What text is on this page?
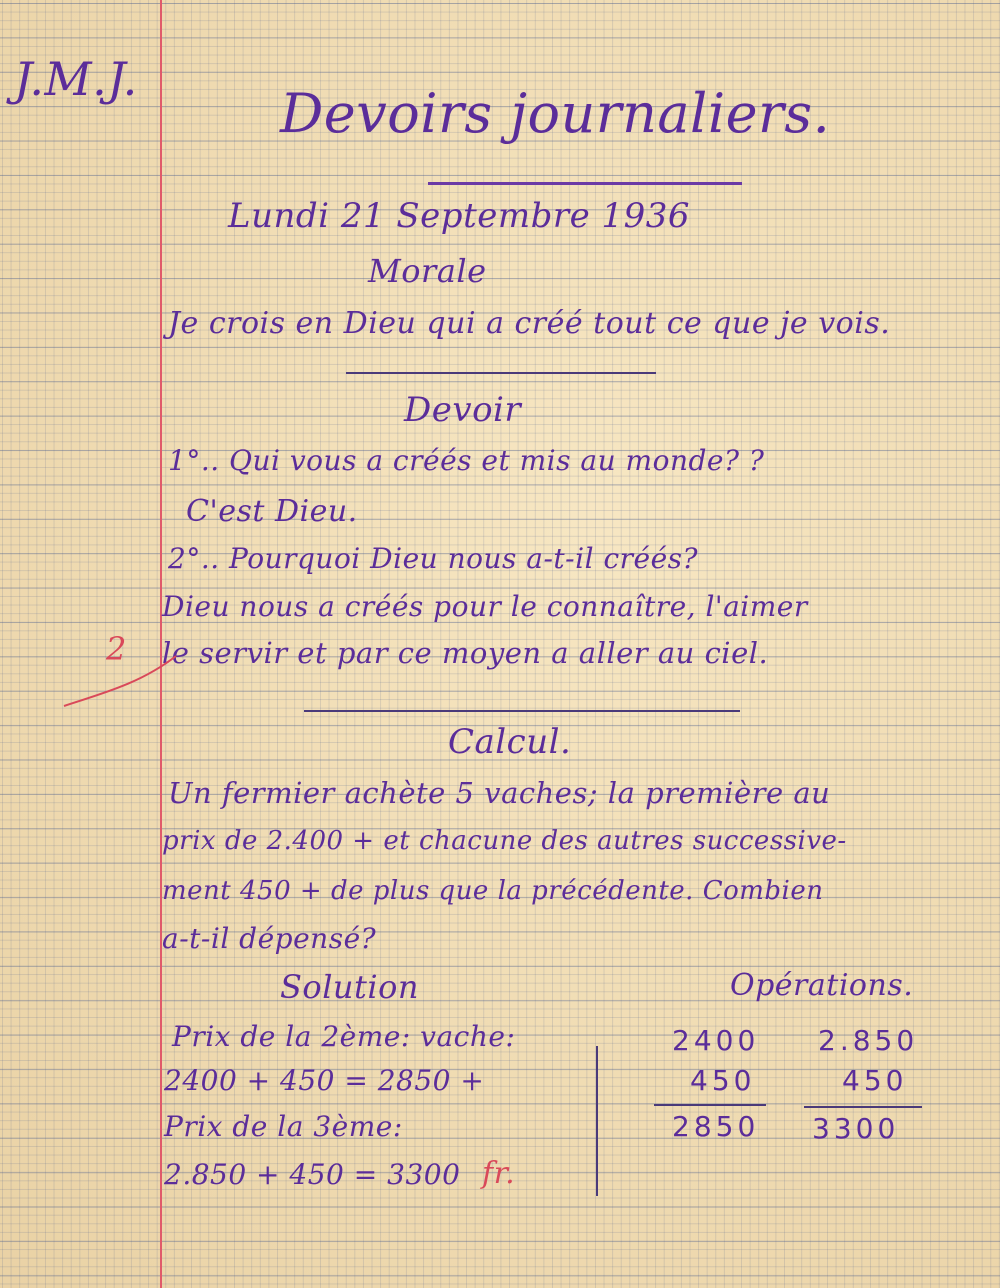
J.M.J.
Devoirs journaliers.
Lundi 21 Septembre 1936
Morale
Je crois en Dieu qui a créé tout ce que je vois.
Devoir
1°.. Qui vous a créés et mis au monde? ?
C'est Dieu.
2°.. Pourquoi Dieu nous a-t-il créés?
Dieu nous a créés pour le connaître, l'aimer
le servir et par ce moyen a aller au ciel.
2
Calcul.
Un fermier achète 5 vaches; la première au
prix de 2.400 + et chacune des autres successive-
ment 450 + de plus que la précédente. Combien
a-t-il dépensé?
Solution	Opérations.
Prix de la 2ème: vache:
2400 + 450 = 2850 +
Prix de la 3ème:
2.850 + 450 = 3300 fr.
2400
450
2850
2.850
450
3300
